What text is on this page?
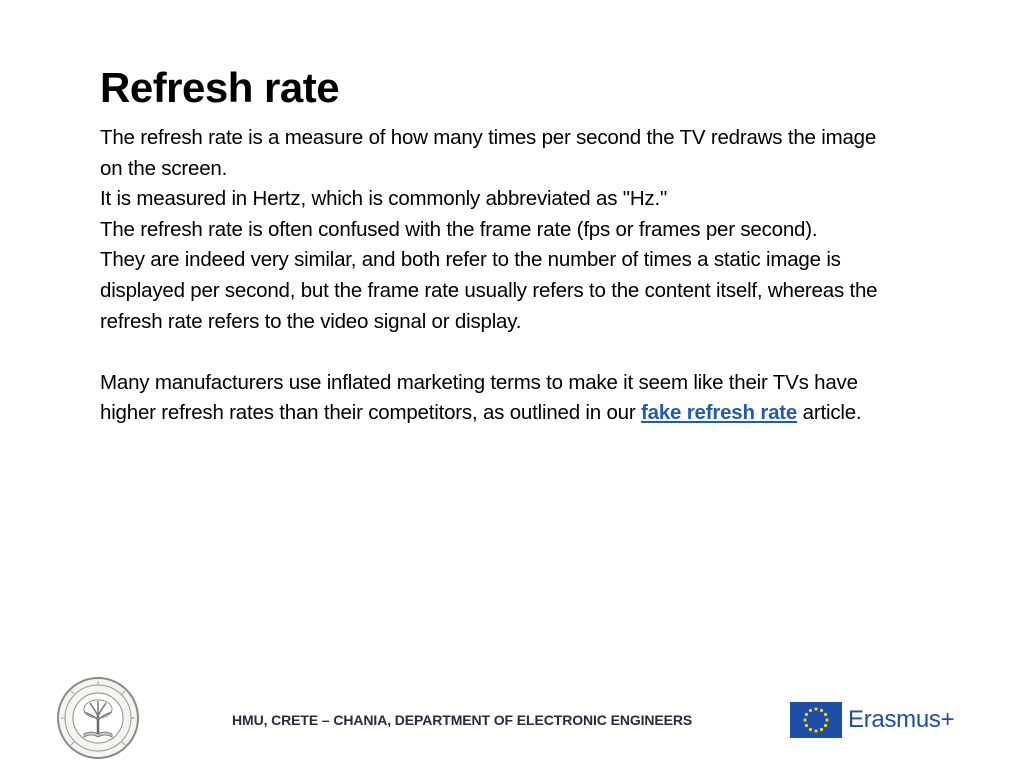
Refresh rate

The refresh rate is a measure of how many times per second the TV redraws the image on the screen.

It is measured in Hertz, which is commonly abbreviated as "Hz."

The refresh rate is often confused with the frame rate (fps or frames per second).

They are indeed very similar, and both refer to the number of times a static image is displayed per second, but the frame rate usually refers to the content itself, whereas the refresh rate refers to the video signal or display.

Many manufacturers use inflated marketing terms to make it seem like their TVs have higher refresh rates than their competitors, as outlined in our fake refresh rate article.

HMU, CRETE – CHANIA, DEPARTMENT OF ELECTRONIC ENGINEERS	Erasmus+
